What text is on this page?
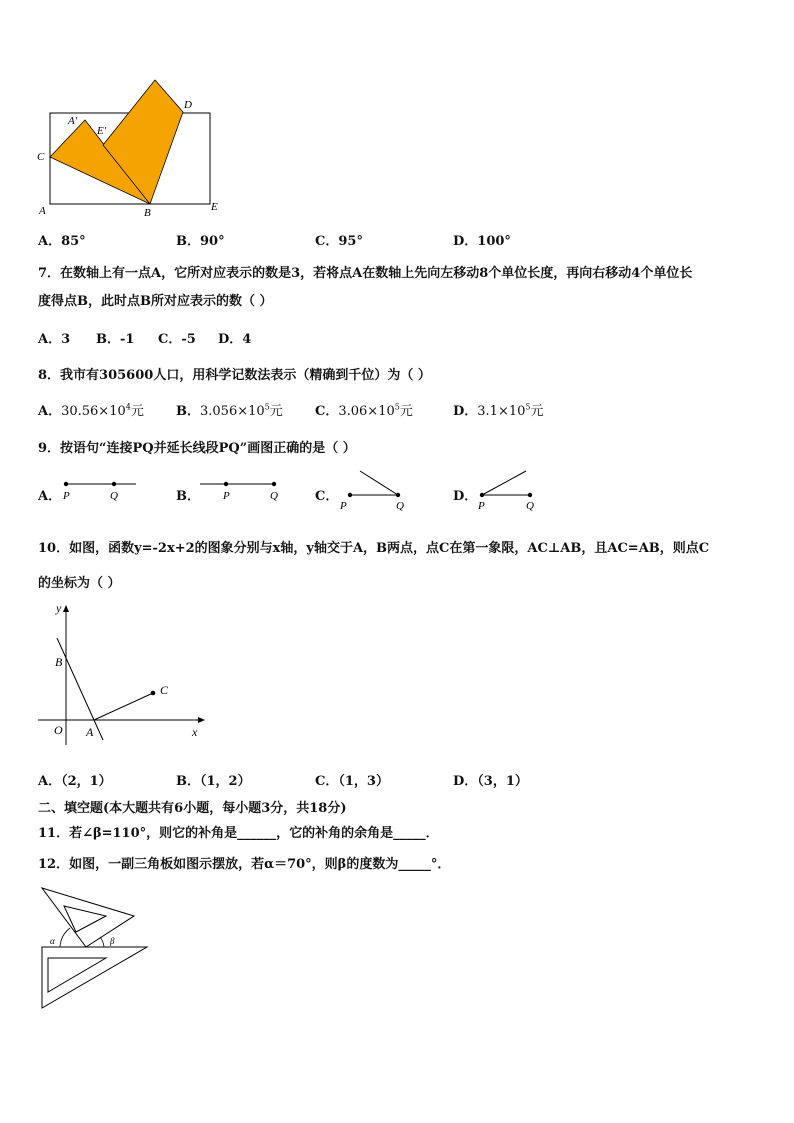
A′
E′
D
C
A	B	E
A．85°	B．90°	C．95°	D．100°
7．在数轴上有一点A，它所对应表示的数是3，若将点A在数轴上先向左移动8个单位长度，再向右移动4个单位长
度得点B，此时点B所对应表示的数（ ）
A．3 B．-1 C．-5 D．4
8．我市有305600人口，用科学记数法表示（精确到千位）为（ ）
A．$30.56\times 10^4$元 B．$3.056\times 10^5$元 C．$3.06\times 10^5$元	D．$3.1\times 10^5$元
9．按语句“连接PQ并延长线段PQ”画图正确的是（ ）
A． P	Q	B． P	Q	C．
P	Q
D．
P	Q
10．如图，函数y=-2x+2的图象分别与x轴，y轴交于A，B两点，点C在第一象限，AC⊥AB，且AC=AB，则点C
的坐标为（ ）
y
B
C
O A	x
A．（2，1）	B．（1，2）	C．（1，3）	D．（3，1）
二、填空题(本大题共有6小题，每小题3分，共18分)
11．若∠β=110°，则它的补角是______，它的补角的余角是_____．
12．如图，一副三角板如图示摆放，若α＝70°，则β的度数为_____°．
α	β
